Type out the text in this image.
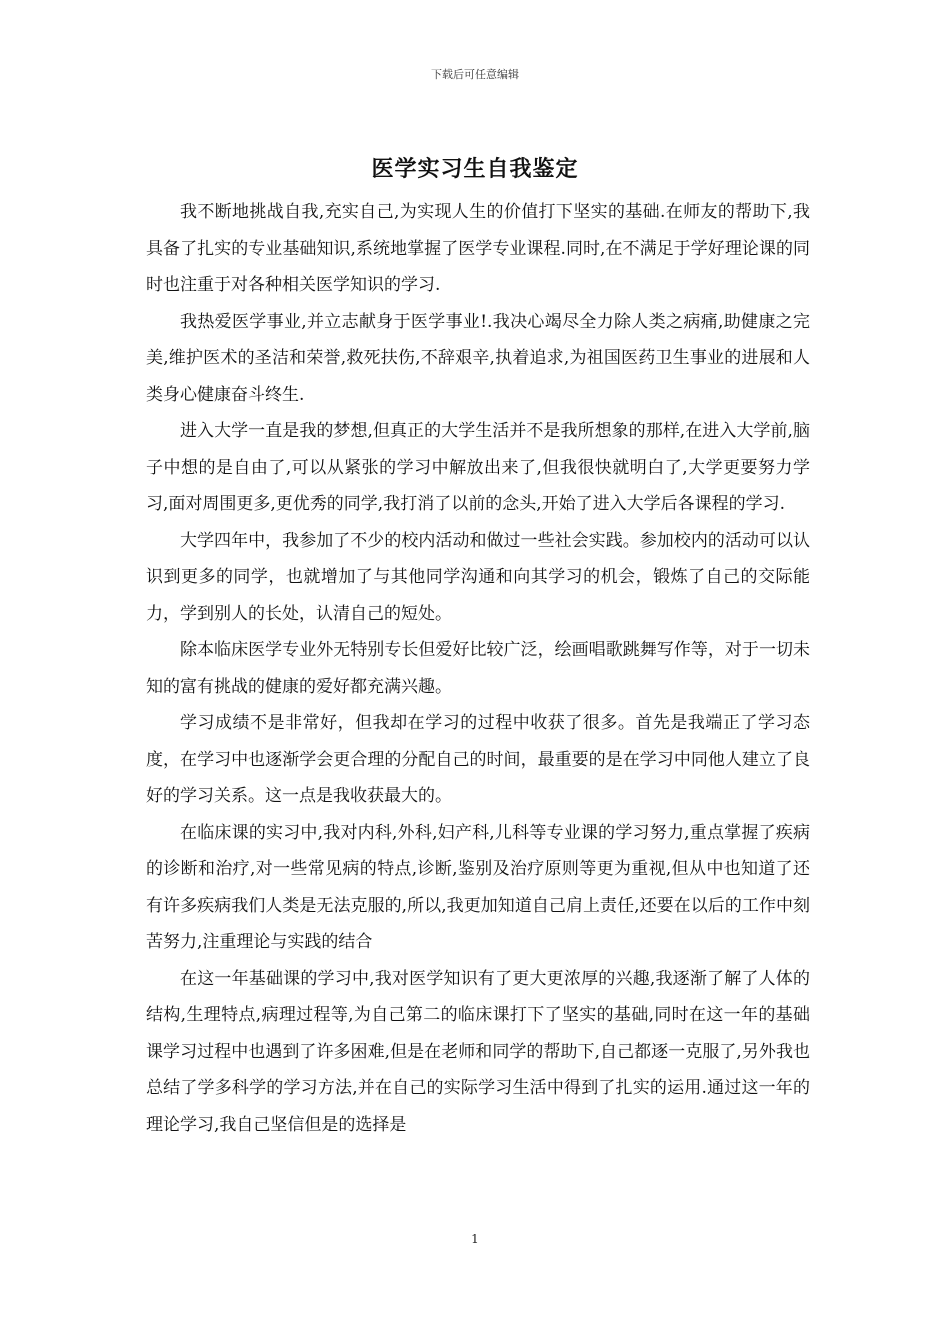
下载后可任意编辑
医学实习生自我鉴定

我不断地挑战自我,充实自己,为实现人生的价值打下坚实的基础.在师友的帮助下,我具备了扎实的专业基础知识,系统地掌握了医学专业课程.同时,在不满足于学好理论课的同时也注重于对各种相关医学知识的学习.

我热爱医学事业,并立志献身于医学事业!.我决心竭尽全力除人类之病痛,助健康之完美,维护医术的圣洁和荣誉,救死扶伤,不辞艰辛,执着追求,为祖国医药卫生事业的进展和人类身心健康奋斗终生.

进入大学一直是我的梦想,但真正的大学生活并不是我所想象的那样,在进入大学前,脑子中想的是自由了,可以从紧张的学习中解放出来了,但我很快就明白了,大学更要努力学习,面对周围更多,更优秀的同学,我打消了以前的念头,开始了进入大学后各课程的学习.

大学四年中，我参加了不少的校内活动和做过一些社会实践。参加校内的活动可以认识到更多的同学，也就增加了与其他同学沟通和向其学习的机会，锻炼了自己的交际能力，学到别人的长处，认清自己的短处。

除本临床医学专业外无特别专长但爱好比较广泛，绘画唱歌跳舞写作等，对于一切未知的富有挑战的健康的爱好都充满兴趣。

学习成绩不是非常好，但我却在学习的过程中收获了很多。首先是我端正了学习态度，在学习中也逐渐学会更合理的分配自己的时间，最重要的是在学习中同他人建立了良好的学习关系。这一点是我收获最大的。

在临床课的实习中,我对内科,外科,妇产科,儿科等专业课的学习努力,重点掌握了疾病的诊断和治疗,对一些常见病的特点,诊断,鉴别及治疗原则等更为重视,但从中也知道了还有许多疾病我们人类是无法克服的,所以,我更加知道自己肩上责任,还要在以后的工作中刻苦努力,注重理论与实践的结合

在这一年基础课的学习中,我对医学知识有了更大更浓厚的兴趣,我逐渐了解了人体的结构,生理特点,病理过程等,为自己第二的临床课打下了坚实的基础,同时在这一年的基础课学习过程中也遇到了许多困难,但是在老师和同学的帮助下,自己都逐一克服了,另外我也总结了学多科学的学习方法,并在自己的实际学习生活中得到了扎实的运用.通过这一年的理论学习,我自己坚信但是的选择是

1
